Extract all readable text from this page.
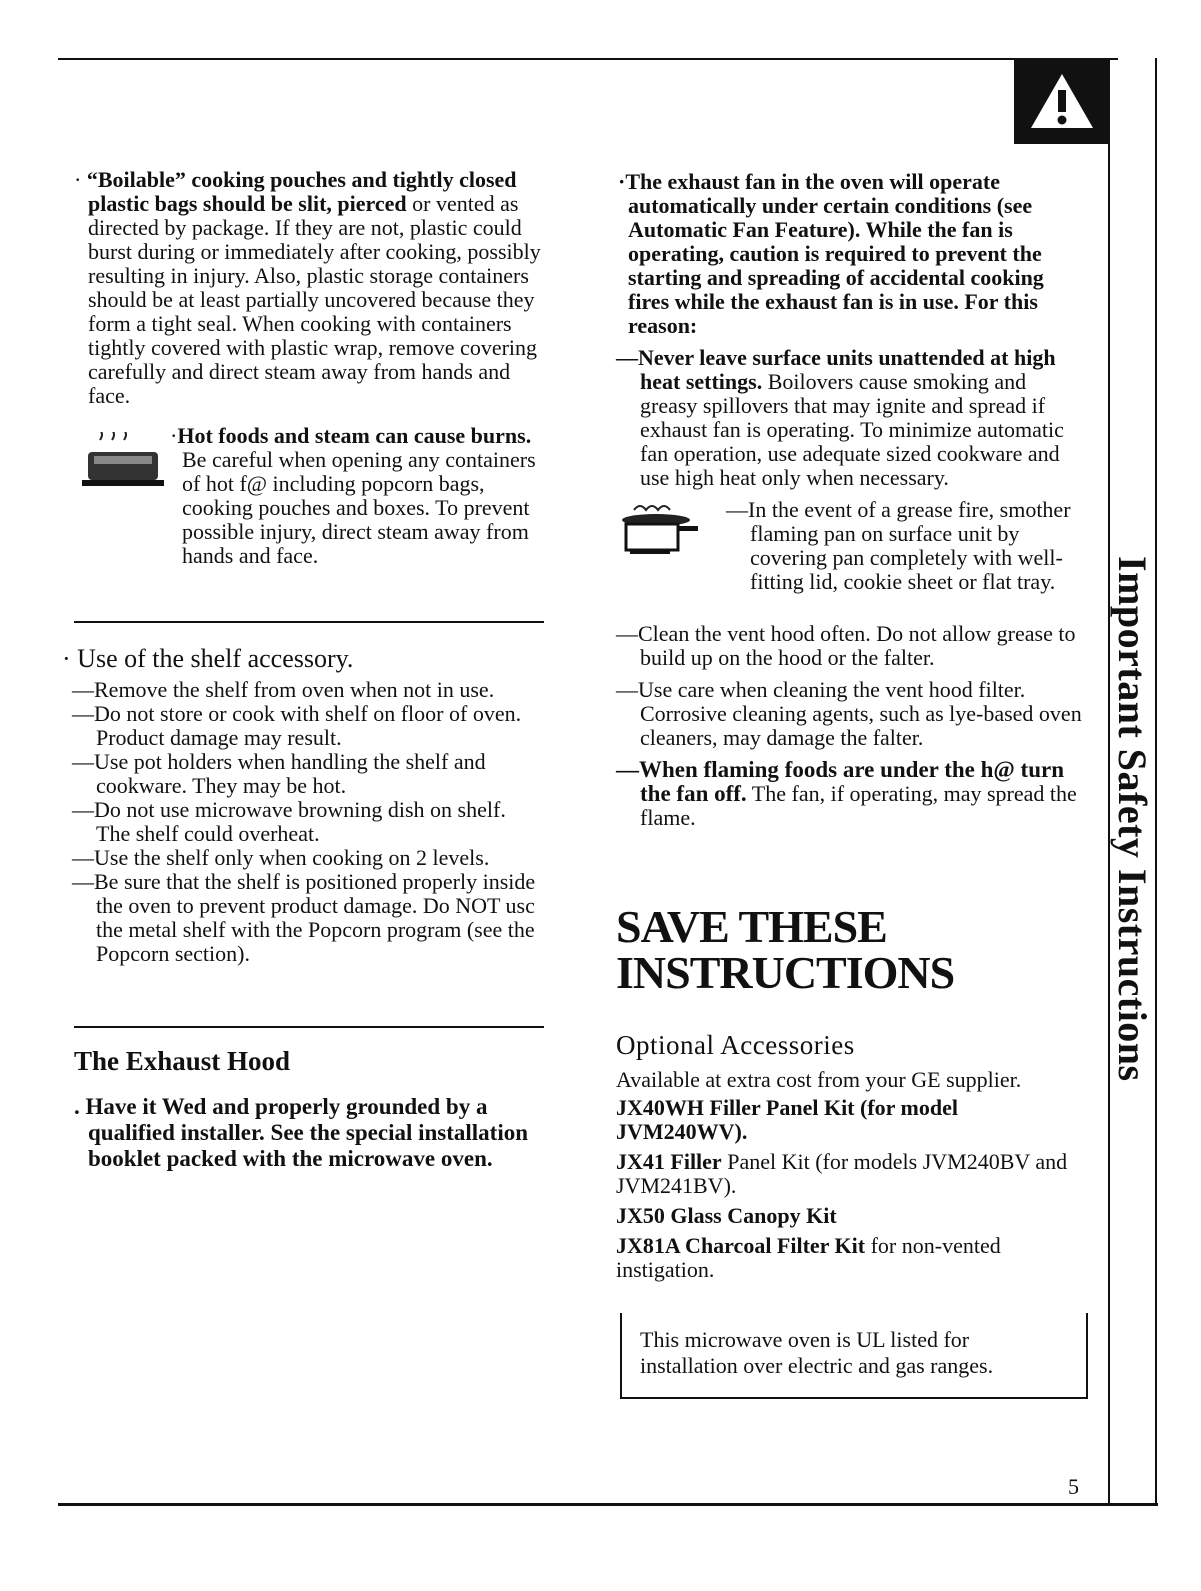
Important Safety Instructions
5

· “Boilable” cooking pouches and tightly closed plastic bags should be slit, pierced or vented as directed by package. If they are not, plastic could burst during or immediately after cooking, possibly resulting in injury. Also, plastic storage containers should be at least partially uncovered because they form a tight seal. When cooking with containers tightly covered with plastic wrap, remove covering carefully and direct steam away from hands and face.

·Hot foods and steam can cause burns. Be careful when opening any containers of hot f@ including popcorn bags, cooking pouches and boxes. To prevent possible injury, direct steam away from hands and face.

· Use of the shelf accessory.

—Remove the shelf from oven when not in use.

—Do not store or cook with shelf on floor of oven. Product damage may result.

—Use pot holders when handling the shelf and cookware. They may be hot.

—Do not use microwave browning dish on shelf. The shelf could overheat.

—Use the shelf only when cooking on 2 levels.

—Be sure that the shelf is positioned properly inside the oven to prevent product damage. Do NOT usc the metal shelf with the Popcorn program (see the Popcorn section).

The Exhaust Hood

. Have it Wed and properly grounded by a qualified installer. See the special installation booklet packed with the microwave oven.

·The exhaust fan in the oven will operate automatically under certain conditions (see Automatic Fan Feature). While the fan is operating, caution is required to prevent the starting and spreading of accidental cooking fires while the exhaust fan is in use. For this reason:

—Never leave surface units unattended at high heat settings. Boilovers cause smoking and greasy spillovers that may ignite and spread if exhaust fan is operating. To minimize automatic fan operation, use adequate sized cookware and use high heat only when necessary.

—In the event of a grease fire, smother flaming pan on surface unit by covering pan completely with well-fitting lid, cookie sheet or flat tray.

—Clean the vent hood often. Do not allow grease to build up on the hood or the falter.

—Use care when cleaning the vent hood filter. Corrosive cleaning agents, such as lye-based oven cleaners, may damage the falter.

—When flaming foods are under the h@ turn the fan off. The fan, if operating, may spread the flame.

SAVE THESE
INSTRUCTIONS

Optional Accessories

Available at extra cost from your GE supplier.

JX40WH Filler Panel Kit (for model JVM240WV).

JX41 Filler Panel Kit (for models JVM240BV and JVM241BV).

JX50 Glass Canopy Kit

JX81A Charcoal Filter Kit for non-vented instigation.

This microwave oven is UL listed for installation over electric and gas ranges.
